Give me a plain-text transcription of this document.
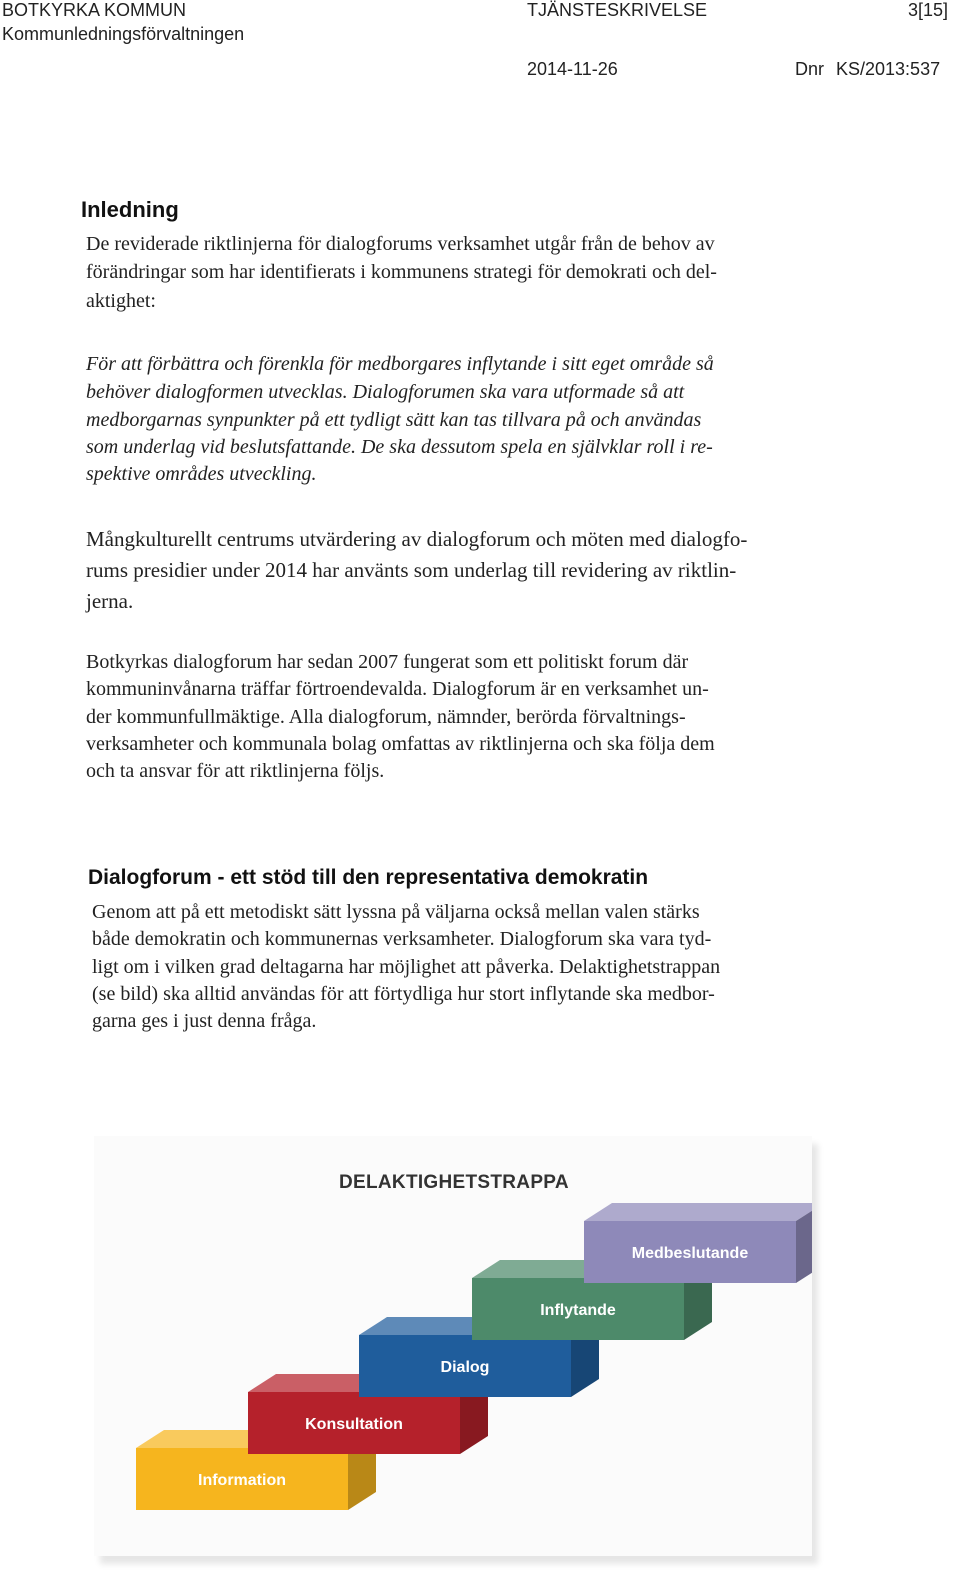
BOTKYRKA KOMMUN
Kommunledningsförvaltningen
TJÄNSTESKRIVELSE	3[15]
2014-11-26	Dnr KS/2013:537
Inledning
De reviderade riktlinjerna för dialogforums verksamhet utgår från de behov av
förändringar som har identifierats i kommunens strategi för demokrati och del-
aktighet:
För att förbättra och förenkla för medborgares inflytande i sitt eget område så
behöver dialogformen utvecklas. Dialogforumen ska vara utformade så att
medborgarnas synpunkter på ett tydligt sätt kan tas tillvara på och användas
som underlag vid beslutsfattande. De ska dessutom spela en självklar roll i re-
spektive områdes utveckling.
Mångkulturellt centrums utvärdering av dialogforum och möten med dialogfo-
rums presidier under 2014 har använts som underlag till revidering av riktlin-
jerna.
Botkyrkas dialogforum har sedan 2007 fungerat som ett politiskt forum där
kommuninvånarna träffar förtroendevalda. Dialogforum är en verksamhet un-
der kommunfullmäktige. Alla dialogforum, nämnder, berörda förvaltnings-
verksamheter och kommunala bolag omfattas av riktlinjerna och ska följa dem
och ta ansvar för att riktlinjerna följs.
Dialogforum - ett stöd till den representativa demokratin
Genom att på ett metodiskt sätt lyssna på väljarna också mellan valen stärks
både demokratin och kommunernas verksamheter. Dialogforum ska vara tyd-
ligt om i vilken grad deltagarna har möjlighet att påverka. Delaktighetstrappan
(se bild) ska alltid användas för att förtydliga hur stort inflytande ska medbor-
garna ges i just denna fråga.
DELAKTIGHETSTRAPPA
Information
Konsultation
Dialog
Inflytande
Medbeslutande
